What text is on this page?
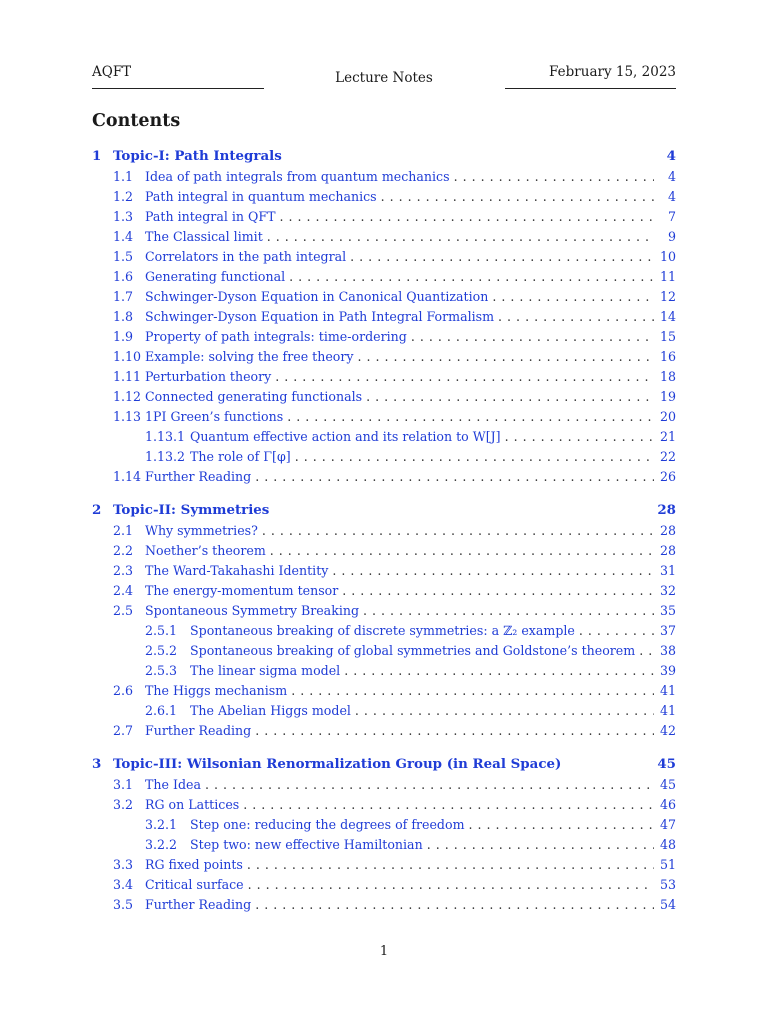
AQFT	Lecture Notes	February 15, 2023
Contents
1 Topic-I: Path Integrals	4
1.1 Idea of path integrals from quantum mechanics . . .	4
1.2 Path integral in quantum mechanics . . .	4
1.3 Path integral in QFT . . .	7
1.4 The Classical limit . . .	9
1.5 Correlators in the path integral . . .	10
1.6 Generating functional . . .	11
1.7 Schwinger-Dyson Equation in Canonical Quantization . . .	12
1.8 Schwinger-Dyson Equation in Path Integral Formalism . . .	14
1.9 Property of path integrals: time-ordering . . .	15
1.10 Example: solving the free theory . . .	16
1.11 Perturbation theory . . .	18
1.12 Connected generating functionals . . .	19
1.13 1PI Green’s functions . . .	20
1.13.1 Quantum effective action and its relation to W[J] . . .	21
1.13.2 The role of Γ[φ] . . .	22
1.14 Further Reading . . .	26
2 Topic-II: Symmetries	28
2.1 Why symmetries? . . .	28
2.2 Noether’s theorem . . .	28
2.3 The Ward-Takahashi Identity . . .	31
2.4 The energy-momentum tensor . . .	32
2.5 Spontaneous Symmetry Breaking . . .	35
2.5.1	Spontaneous breaking of discrete symmetries: a ℤ₂ example . . .	37
2.5.2	Spontaneous breaking of global symmetries and Goldstone’s theorem . . . 38
2.5.3	The linear sigma model . . .	39
2.6 The Higgs mechanism . . .	41
2.6.1	The Abelian Higgs model . . .	41
2.7 Further Reading . . .	42
3 Topic-III: Wilsonian Renormalization Group (in Real Space)	45
3.1 The Idea . . .	45
3.2 RG on Lattices . . .	46
3.2.1	Step one: reducing the degrees of freedom . . .	47
3.2.2	Step two: new effective Hamiltonian . . .	48
3.3 RG fixed points . . .	51
3.4 Critical surface . . .	53
3.5 Further Reading . . .	54
1
